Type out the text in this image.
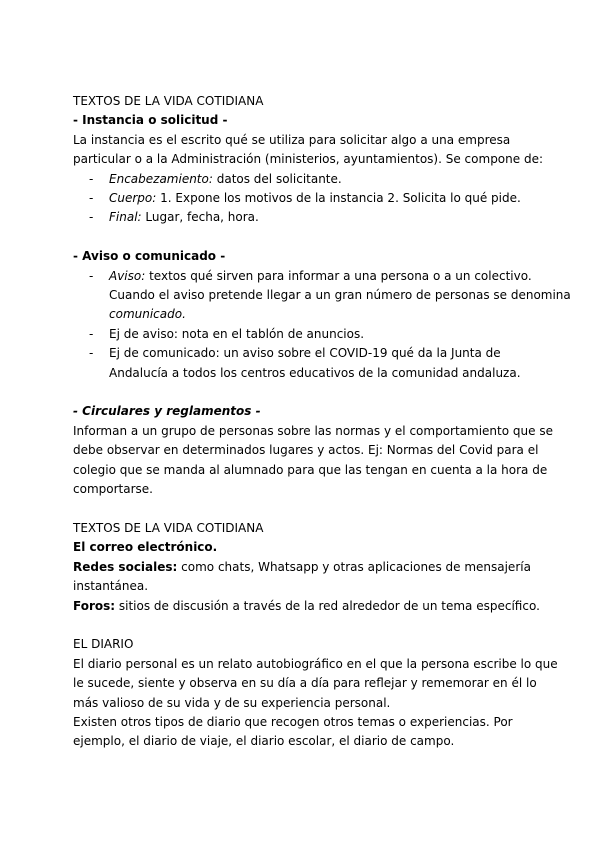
TEXTOS DE LA VIDA COTIDIANA
- Instancia o solicitud -
La instancia es el escrito qué se utiliza para solicitar algo a una empresa
particular o a la Administración (ministerios, ayuntamientos). Se compone de:
- Encabezamiento: datos del solicitante.
- Cuerpo: 1. Expone los motivos de la instancia 2. Solicita lo qué pide.
- Final: Lugar, fecha, hora.
- Aviso o comunicado -
- Aviso: textos qué sirven para informar a una persona o a un colectivo.
Cuando el aviso pretende llegar a un gran número de personas se denomina
comunicado.
- Ej de aviso: nota en el tablón de anuncios.
- Ej de comunicado: un aviso sobre el COVID-19 qué da la Junta de
Andalucía a todos los centros educativos de la comunidad andaluza.
- Circulares y reglamentos -
Informan a un grupo de personas sobre las normas y el comportamiento que se
debe observar en determinados lugares y actos. Ej: Normas del Covid para el
colegio que se manda al alumnado para que las tengan en cuenta a la hora de
comportarse.
TEXTOS DE LA VIDA COTIDIANA
El correo electrónico.
Redes sociales: como chats, Whatsapp y otras aplicaciones de mensajería
instantánea.
Foros: sitios de discusión a través de la red alrededor de un tema específico.
EL DIARIO
El diario personal es un relato autobiográfico en el que la persona escribe lo que
le sucede, siente y observa en su día a día para reflejar y rememorar en él lo
más valioso de su vida y de su experiencia personal.
Existen otros tipos de diario que recogen otros temas o experiencias. Por
ejemplo, el diario de viaje, el diario escolar, el diario de campo.
